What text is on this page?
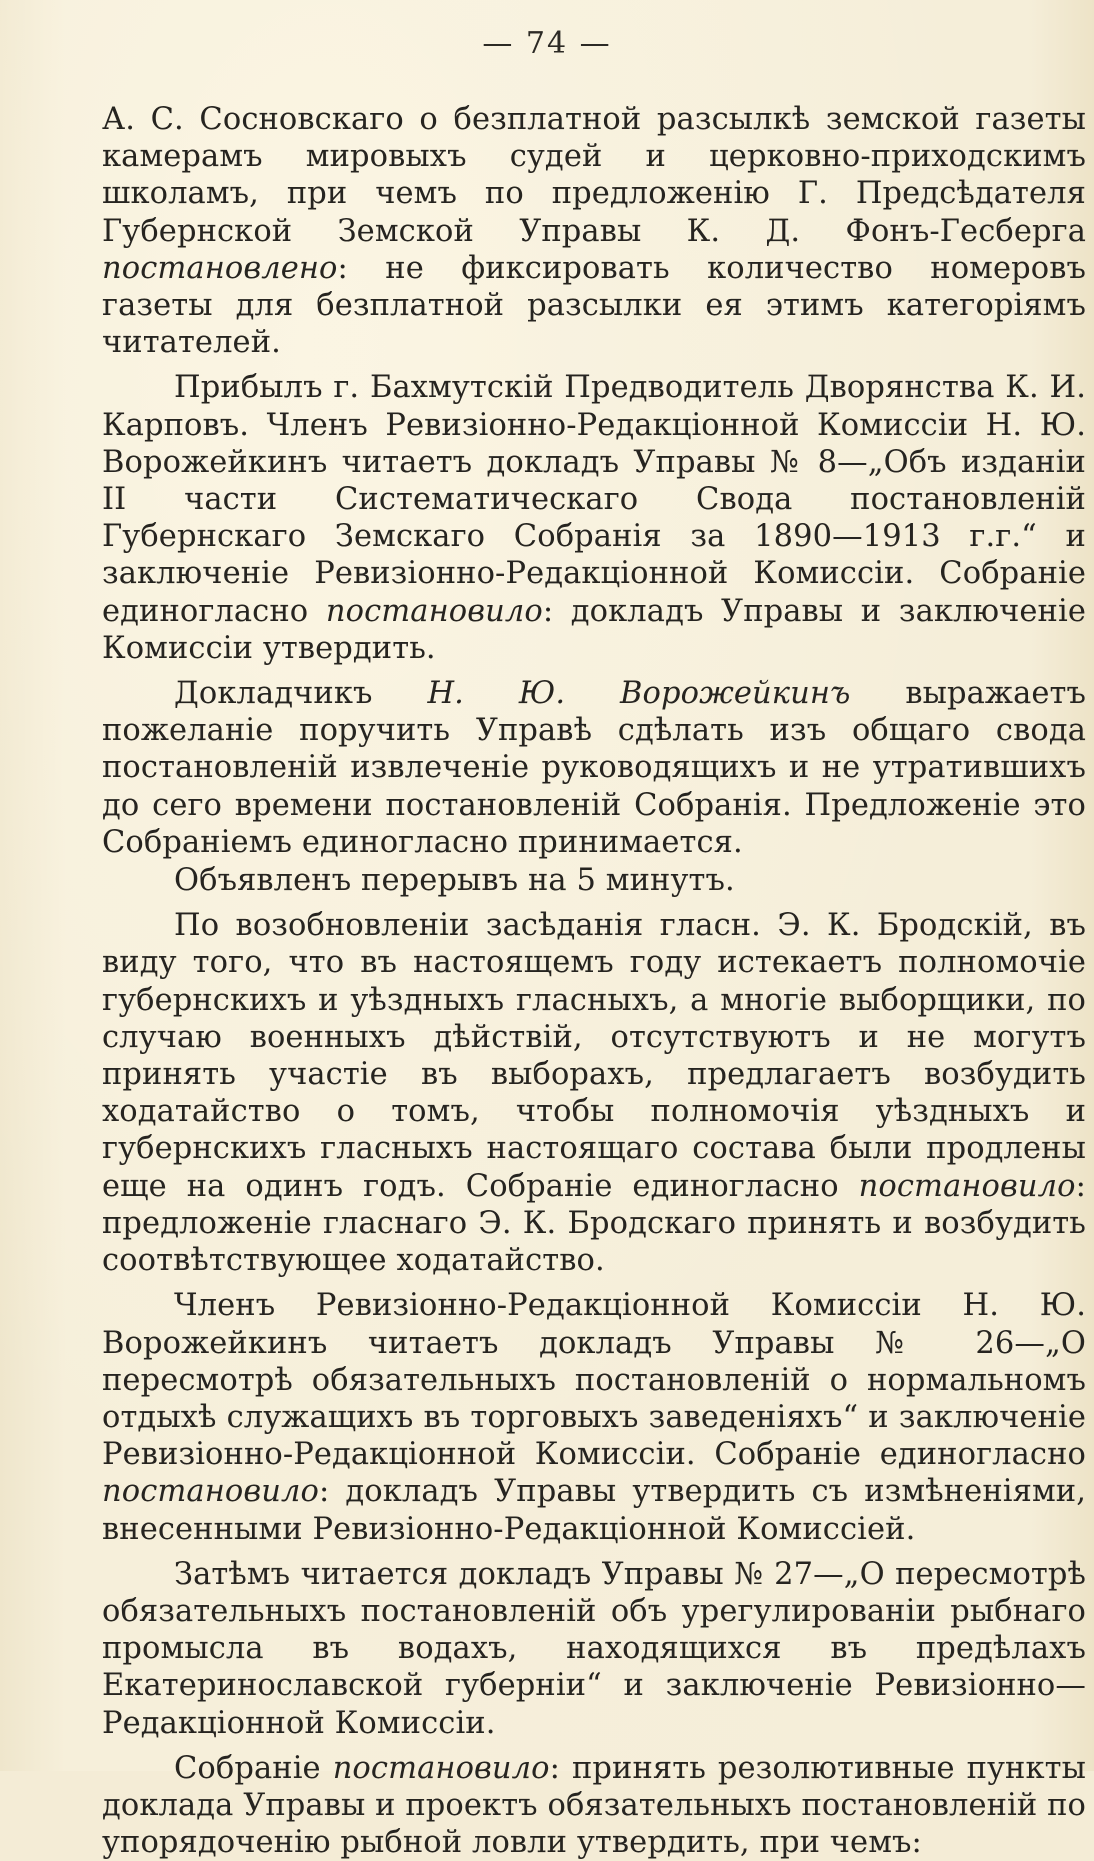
— 74 —

А. С. Сосновскаго о безплатной разсылкѣ земской газеты камерамъ мировыхъ судей и церковно-приходскимъ школамъ, при чемъ по предложенію Г. Предсѣдателя Губернской Земской Управы К. Д. Фонъ-Гесберга постановлено: не фиксировать количество номеровъ газеты для безплатной разсылки ея этимъ категоріямъ читателей.

Прибылъ г. Бахмутскій Предводитель Дворянства К. И. Карповъ. Членъ Ревизіонно-Редакціонной Комиссіи Н. Ю. Ворожейкинъ читаетъ докладъ Управы № 8—„Объ изданіи II части Систематическаго Свода постановленій Губернскаго Земскаго Собранія за 1890—1913 г.г.“ и заключеніе Ревизіонно-Редакціонной Комиссіи. Собраніе единогласно постановило: докладъ Управы и заключеніе Комиссіи утвердить.

Докладчикъ Н. Ю. Ворожейкинъ выражаетъ пожеланіе поручить Управѣ сдѣлать изъ общаго свода постановленій извлеченіе руководящихъ и не утратившихъ до сего времени постановленій Собранія. Предложеніе это Собраніемъ единогласно принимается.

Объявленъ перерывъ на 5 минутъ.

По возобновленіи засѣданія гласн. Э. К. Бродскій, въ виду того, что въ настоящемъ году истекаетъ полномочіе губернскихъ и уѣздныхъ гласныхъ, а многіе выборщики, по случаю военныхъ дѣйствій, отсутствуютъ и не могутъ принять участіе въ выборахъ, предлагаетъ возбудить ходатайство о томъ, чтобы полномочія уѣздныхъ и губернскихъ гласныхъ настоящаго состава были продлены еще на одинъ годъ. Собраніе единогласно постановило: предложеніе гласнаго Э. К. Бродскаго принять и возбудить соотвѣтствующее ходатайство.

Членъ Ревизіонно-Редакціонной Комиссіи Н. Ю. Ворожейкинъ читаетъ докладъ Управы № 26—„О пересмотрѣ обязательныхъ постановленій о нормальномъ отдыхѣ служащихъ въ торговыхъ заведеніяхъ“ и заключеніе Ревизіонно-Редакціонной Комиссіи. Собраніе единогласно постановило: докладъ Управы утвердить съ измѣненіями, внесенными Ревизіонно-Редакціонной Комиссіей.

Затѣмъ читается докладъ Управы № 27—„О пересмотрѣ обязательныхъ постановленій объ урегулированіи рыбнаго промысла въ водахъ, находящихся въ предѣлахъ Екатеринославской губерніи“ и заключеніе Ревизіонно—Редакціонной Комиссіи.

Собраніе постановило: принять резолютивные пункты доклада Управы и проектъ обязательныхъ постановленій по упорядоченію рыбной ловли утвердить, при чемъ:
